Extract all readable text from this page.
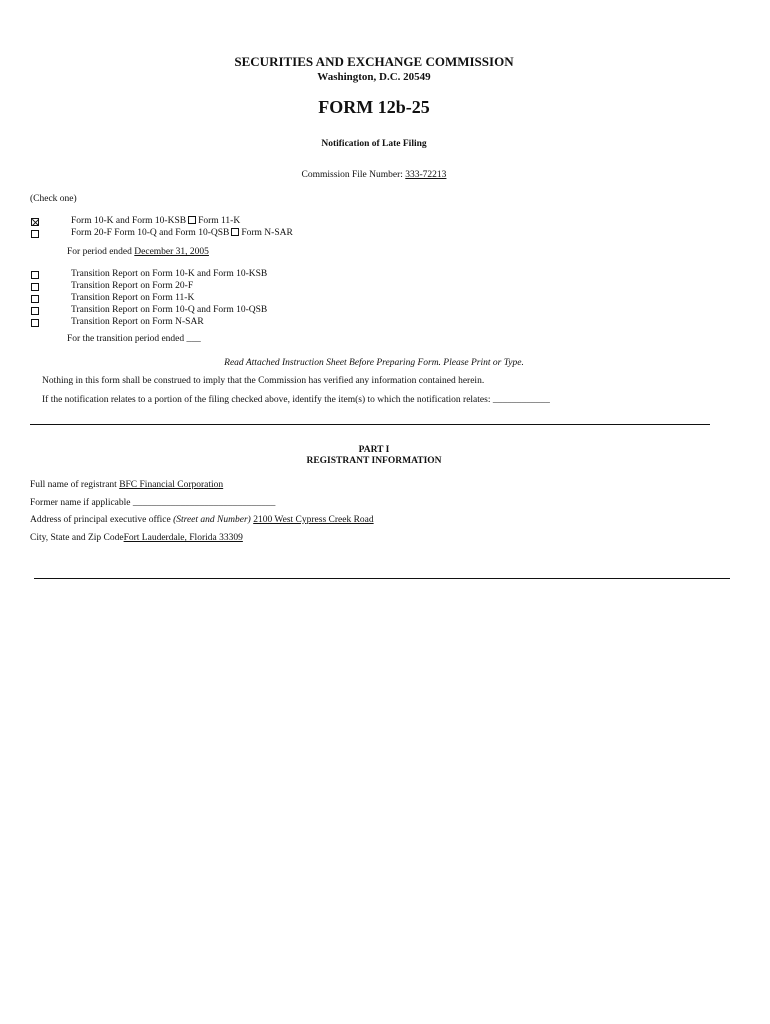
SECURITIES AND EXCHANGE COMMISSION
Washington, D.C. 20549
FORM 12b-25
Notification of Late Filing
Commission File Number: 333-72213
(Check one)
Form 10-K and Form 10-KSB Form 11-K
Form 20-F Form 10-Q and Form 10-QSB Form N-SAR
For period ended December 31, 2005
Transition Report on Form 10-K and Form 10-KSB
Transition Report on Form 20-F
Transition Report on Form 11-K
Transition Report on Form 10-Q and Form 10-QSB
Transition Report on Form N-SAR
For the transition period ended ___
Read Attached Instruction Sheet Before Preparing Form. Please Print or Type.
Nothing in this form shall be construed to imply that the Commission has verified any information contained herein.
If the notification relates to a portion of the filing checked above, identify the item(s) to which the notification relates: ____________
PART I
REGISTRANT INFORMATION
Full name of registrant BFC Financial Corporation
Former name if applicable ______________________________
Address of principal executive office (Street and Number) 2100 West Cypress Creek Road
City, State and Zip CodeFort Lauderdale, Florida 33309
